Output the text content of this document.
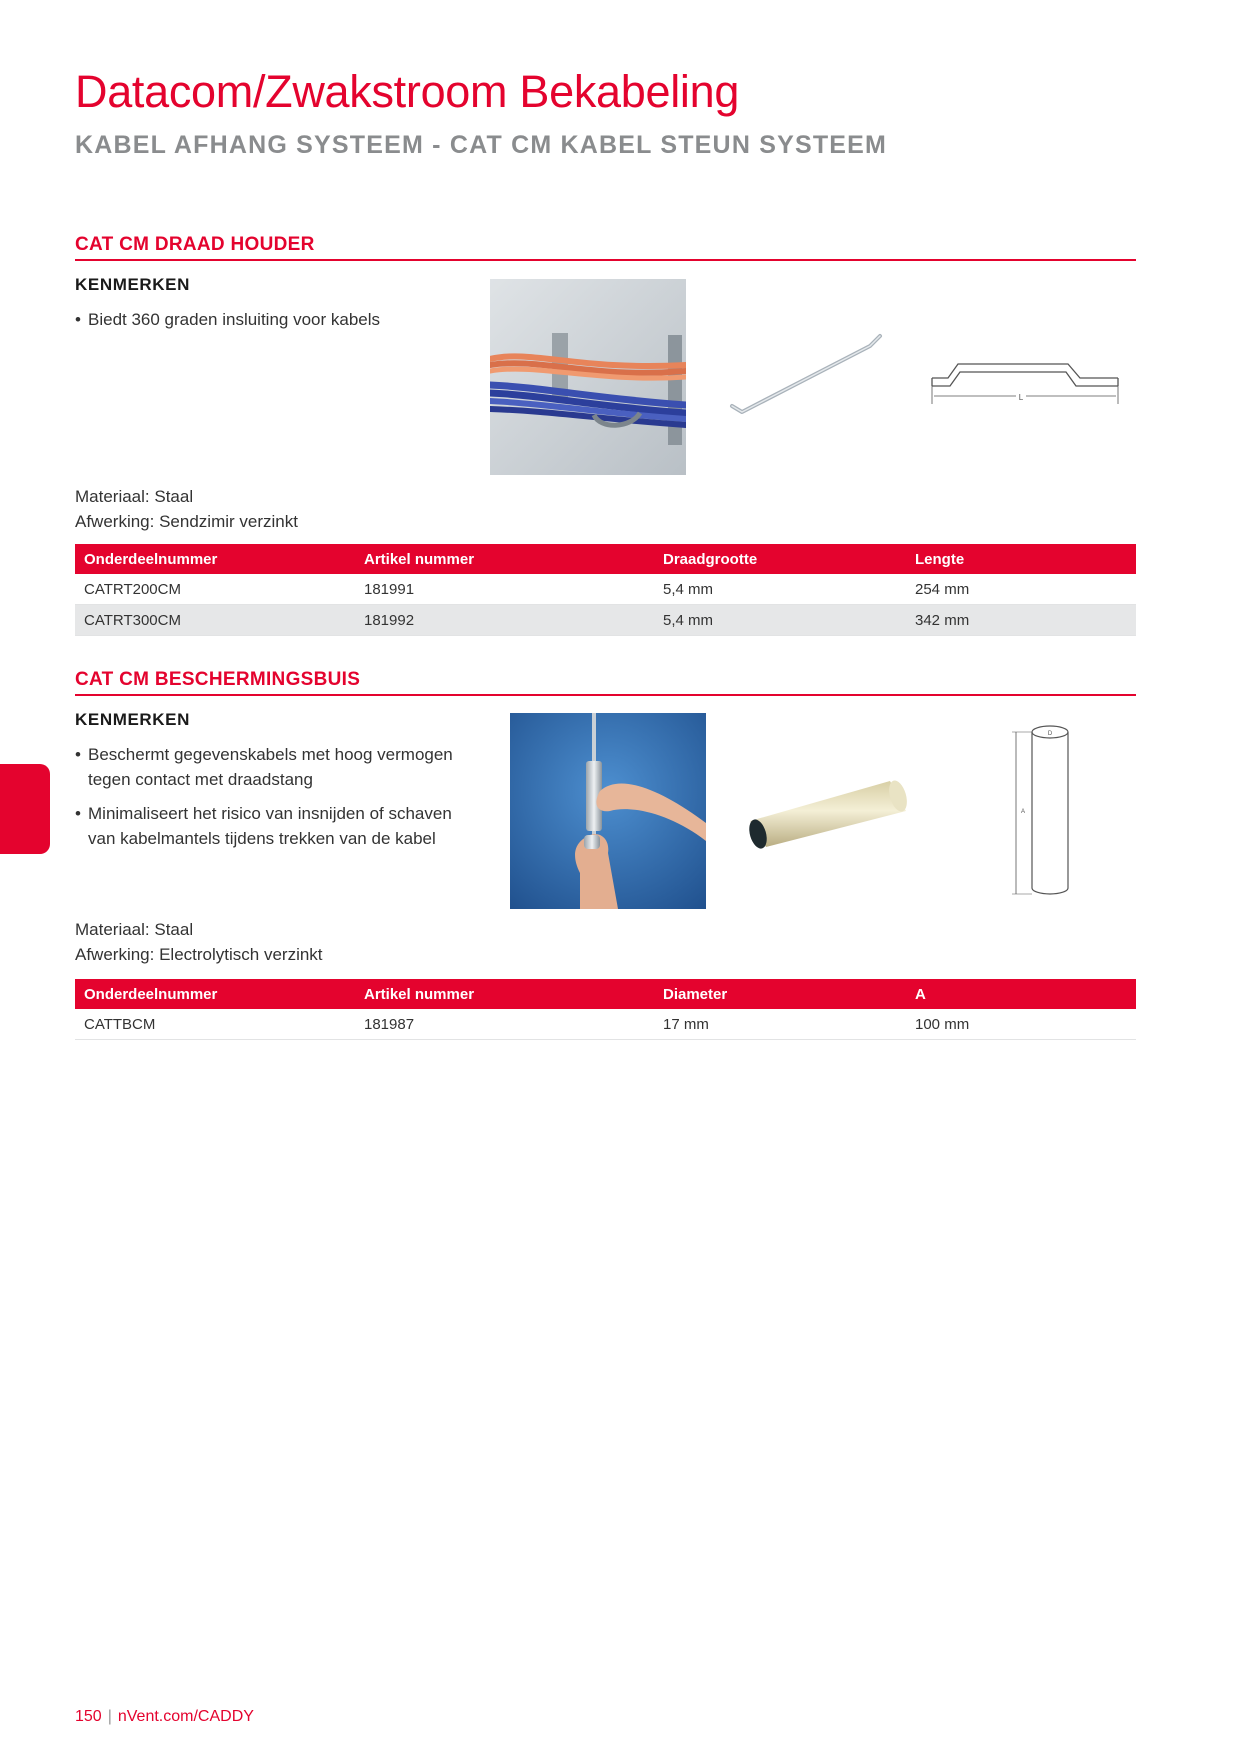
Datacom/Zwakstroom Bekabeling
KABEL AFHANG SYSTEEM - CAT CM KABEL STEUN SYSTEEM
CAT CM DRAAD HOUDER
KENMERKEN
• Biedt 360 graden insluiting voor kabels
L
Materiaal: Staal
Afwerking: Sendzimir verzinkt
Onderdeelnummer	Artikel nummer	Draadgrootte	Lengte
CATRT200CM	181991	5,4 mm	254 mm
CATRT300CM	181992	5,4 mm	342 mm
CAT CM BESCHERMINGSBUIS
KENMERKEN
• Beschermt gegevenskabels met hoog vermogen tegen contact met draadstang
• Minimaliseert het risico van insnijden of schaven van kabelmantels tijdens trekken van de kabel
D
A
Materiaal: Staal
Afwerking: Electrolytisch verzinkt
Onderdeelnummer	Artikel nummer	Diameter	A
CATTBCM	181987	17 mm	100 mm
150 | nVent.com/CADDY
